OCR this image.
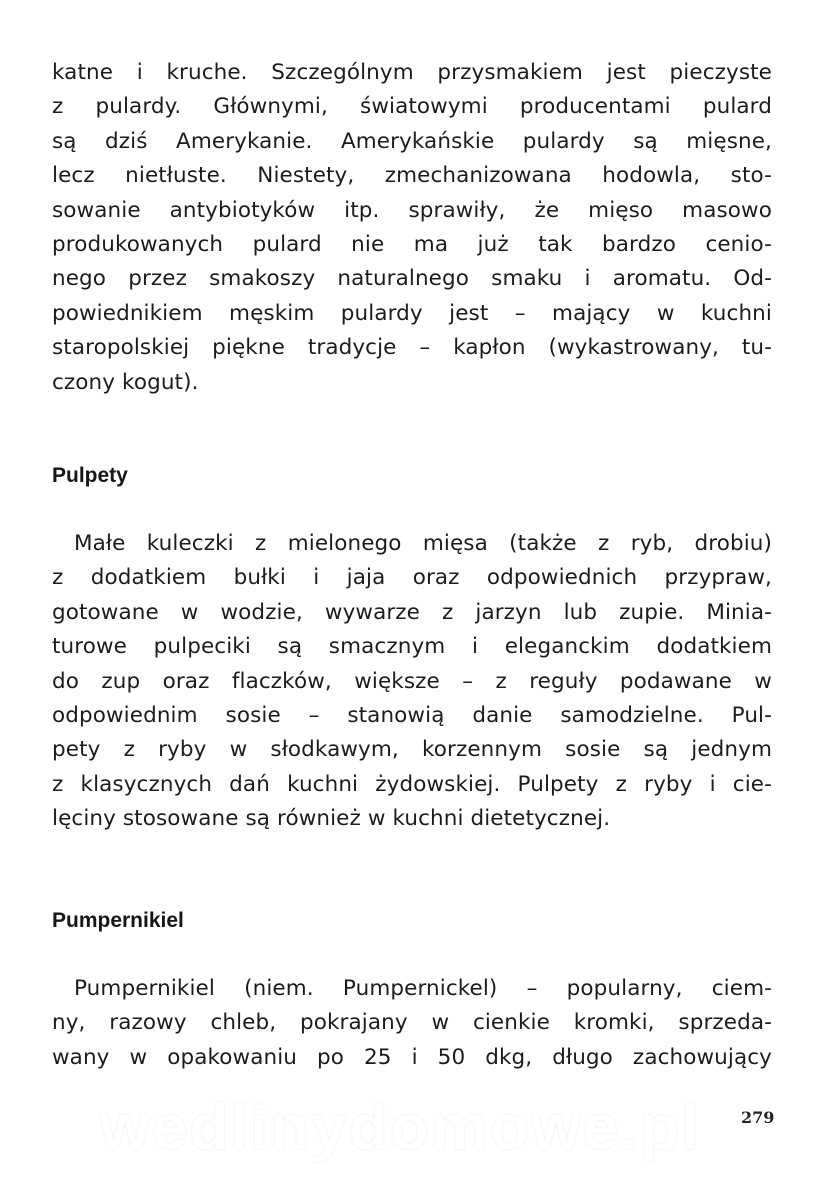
wedlinydomowe.pl
katne i kruche. Szczególnym przysmakiem jest pieczyste
z pulardy. Głównymi, światowymi producentami pulard
są dziś Amerykanie. Amerykańskie pulardy są mięsne,
lecz nietłuste. Niestety, zmechanizowana hodowla, sto-
sowanie antybiotyków itp. sprawiły, że mięso masowo
produkowanych pulard nie ma już tak bardzo cenio-
nego przez smakoszy naturalnego smaku i aromatu. Od-
powiednikiem męskim pulardy jest – mający w kuchni
staropolskiej piękne tradycje – kapłon (wykastrowany, tu-
czony kogut).
Pulpety
Małe kuleczki z mielonego mięsa (także z ryb, drobiu)
z dodatkiem bułki i jaja oraz odpowiednich przypraw,
gotowane w wodzie, wywarze z jarzyn lub zupie. Minia-
turowe pulpeciki są smacznym i eleganckim dodatkiem
do zup oraz flaczków, większe – z reguły podawane w
odpowiednim sosie – stanowią danie samodzielne. Pul-
pety z ryby w słodkawym, korzennym sosie są jednym
z klasycznych dań kuchni żydowskiej. Pulpety z ryby i cie-
lęciny stosowane są również w kuchni dietetycznej.
Pumpernikiel
Pumpernikiel (niem. Pumpernickel) – popularny, ciem-
ny, razowy chleb, pokrajany w cienkie kromki, sprzeda-
wany w opakowaniu po 25 i 50 dkg, długo zachowujący
279
